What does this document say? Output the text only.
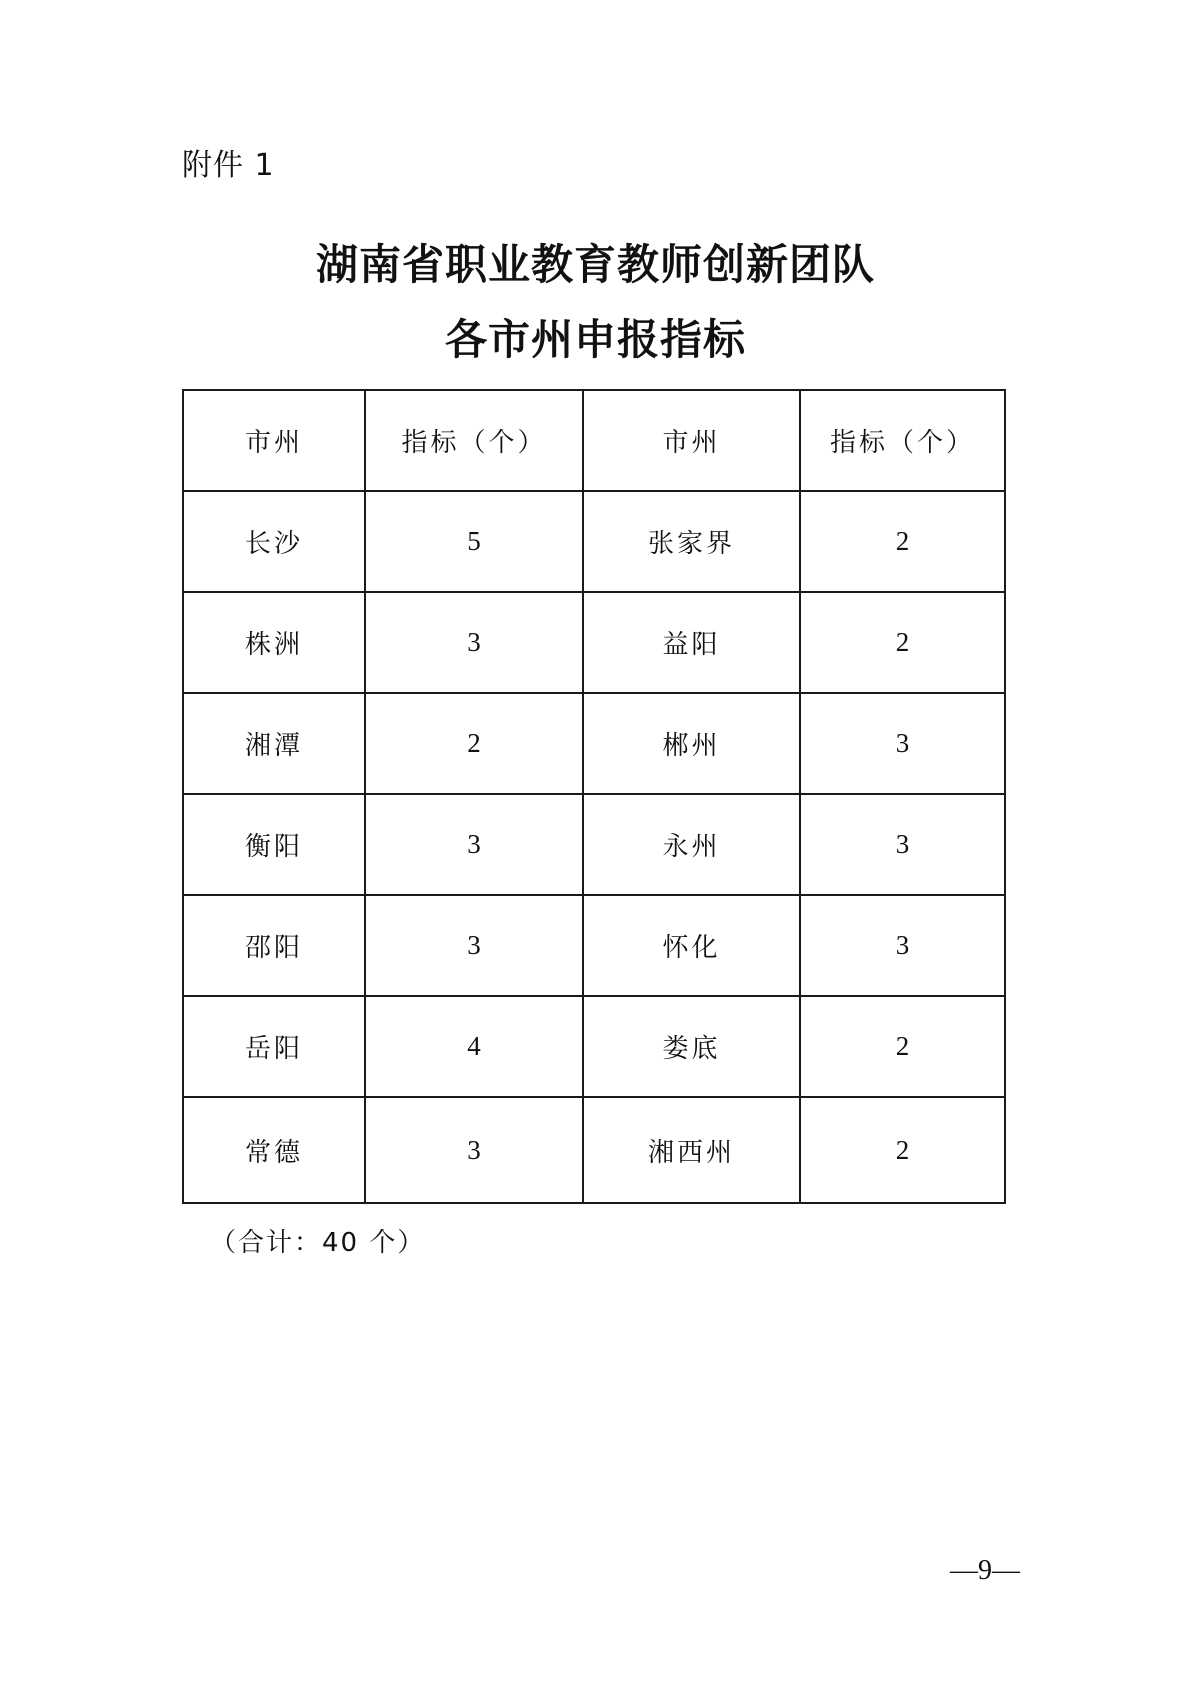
附件 1
湖南省职业教育教师创新团队
各市州申报指标
市州	指标（个）	市州	指标（个）
长沙	5	张家界	2
株洲	3	益阳	2
湘潭	2	郴州	3
衡阳	3	永州	3
邵阳	3	怀化	3
岳阳	4	娄底	2
常德	3	湘西州	2
（合计：40 个）
—9—
